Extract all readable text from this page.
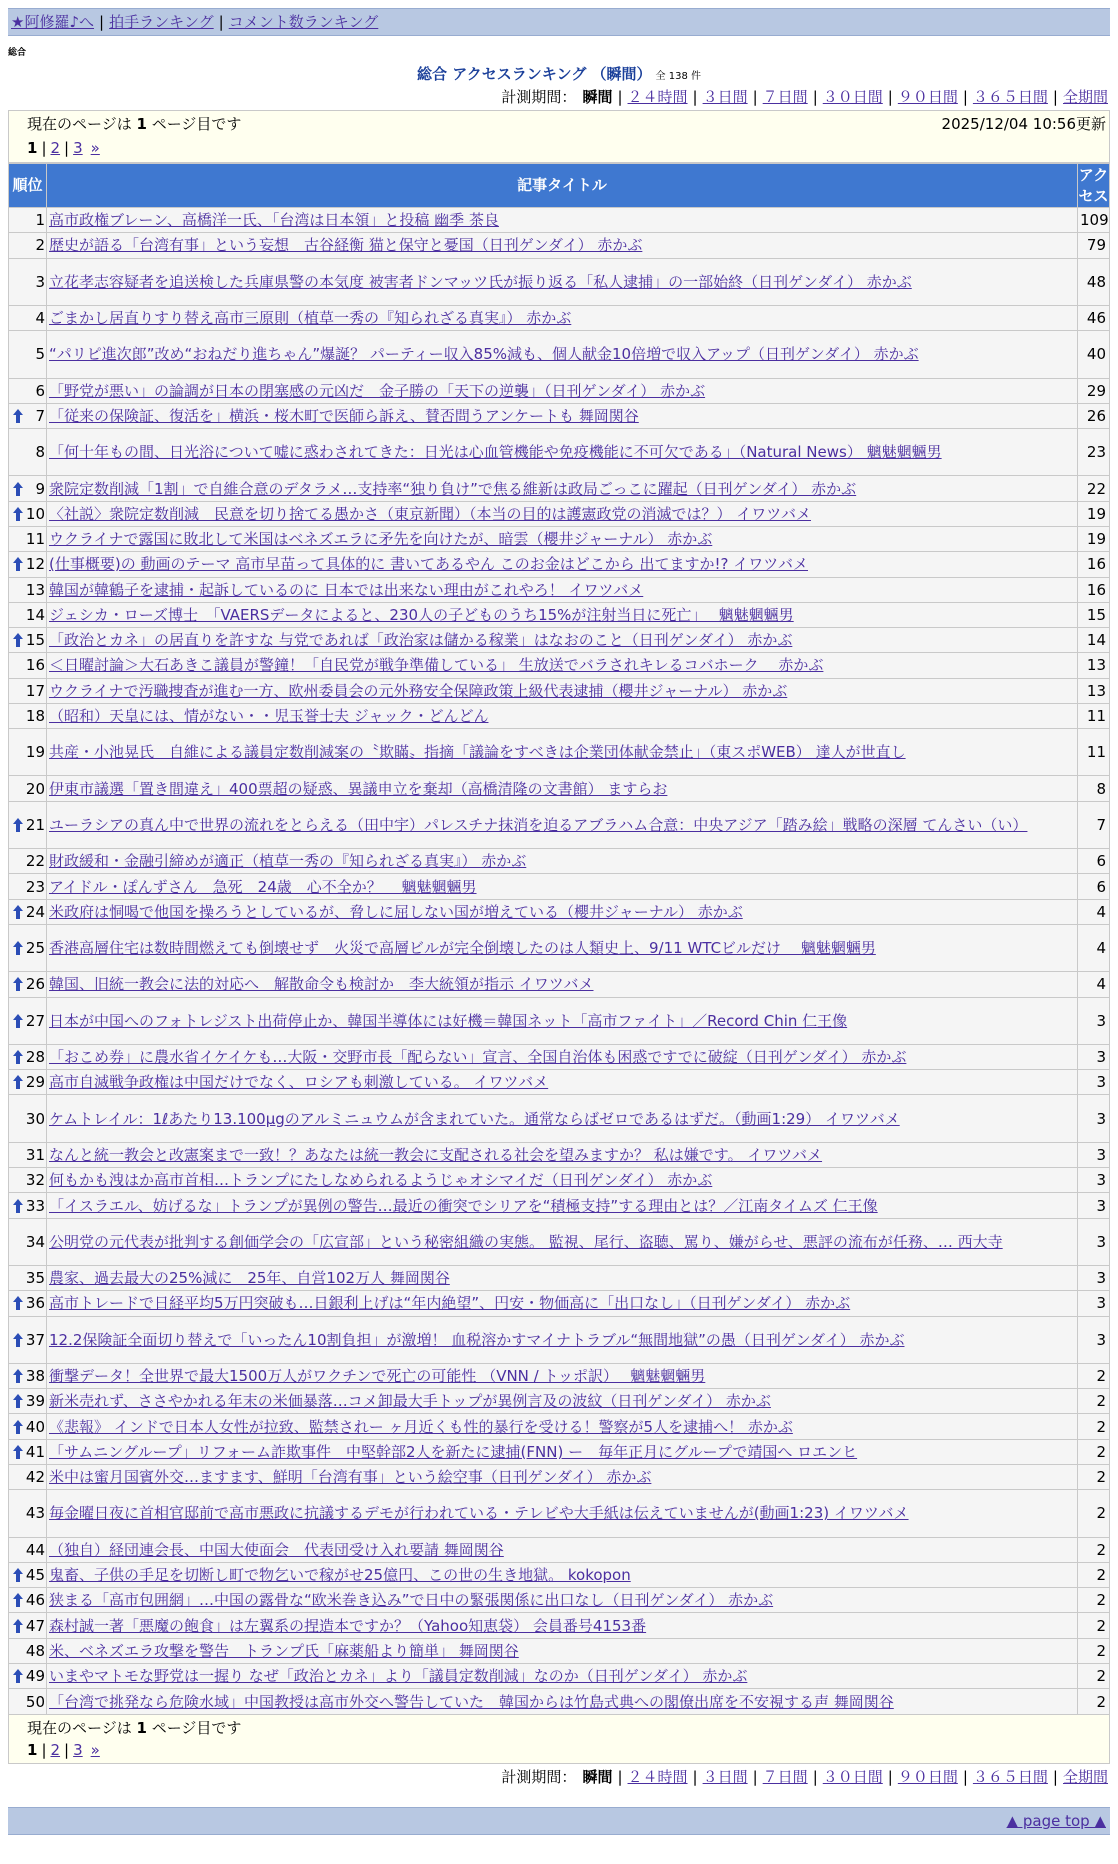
★阿修羅♪へ | 拍手ランキング | コメント数ランキング
総合
総合 アクセスランキング （瞬間） 全 138 件
計測期間： 瞬間 | ２４時間 | ３日間 | ７日間 | ３０日間 | ９０日間 | ３６５日間 | 全期間
現在のページは 1 ページ目です	2025/12/04 10:56更新
1 | 2 | 3 »
順位	記事タイトル	アクセス
1	高市政権ブレーン、高橋洋一氏、「台湾は日本領」と投稿 幽季 茶良	109
2	歴史が語る「台湾有事」という妄想　古谷経衡 猫と保守と憂国（日刊ゲンダイ） 赤かぶ	79
3	立花孝志容疑者を追送検した兵庫県警の本気度 被害者ドンマッツ氏が振り返る「私人逮捕」の一部始終（日刊ゲンダイ） 赤かぶ	48
4	ごまかし居直りすり替え高市三原則（植草一秀の『知られざる真実』） 赤かぶ	46
5	“パリピ進次郎”改め“おねだり進ちゃん”爆誕？ パーティー収入85%減も、個人献金10倍増で収入アップ（日刊ゲンダイ） 赤かぶ	40
6	「野党が悪い」の論調が日本の閉塞感の元凶だ　金子勝の「天下の逆襲」（日刊ゲンダイ） 赤かぶ	29

7	「従来の保険証、復活を」横浜・桜木町で医師ら訴え、賛否問うアンケートも 舞岡関谷	26
8	「何十年もの間、日光浴について嘘に惑わされてきた：日光は心血管機能や免疫機能に不可欠である」（Natural News） 魑魅魍魎男	23

9	衆院定数削減「1割」で自維合意のデタラメ…支持率“独り負け”で焦る維新は政局ごっこに躍起（日刊ゲンダイ） 赤かぶ	22

10	〈社説〉衆院定数削減　民意を切り捨てる愚かさ（東京新聞）（本当の目的は護憲政党の消滅では？） イワツバメ	19
11	ウクライナで露国に敗北して米国はベネズエラに矛先を向けたが、暗雲（櫻井ジャーナル） 赤かぶ	19

12	(仕事概要)の 動画のテーマ 高市早苗って具体的に 書いてあるやん このお金はどこから 出てますか!? イワツバメ	16
13	韓国が韓鶴子を逮捕・起訴しているのに 日本では出来ない理由がこれやろ！ イワツバメ	16
14	ジェシカ・ローズ博士　「VAERSデータによると、230人の子どものうち15%が注射当日に死亡」　 魑魅魍魎男	15

15	「政治とカネ」の居直りを許すな 与党であれば「政治家は儲かる稼業」はなおのこと（日刊ゲンダイ） 赤かぶ	14
16	＜日曜討論＞大石あきこ議員が警鐘！「自民党が戦争準備している」 生放送でバラされキレるコバホーク　 赤かぶ	13
17	ウクライナで汚職捜査が進む一方、欧州委員会の元外務安全保障政策上級代表逮捕（櫻井ジャーナル） 赤かぶ	13
18	（昭和）天皇には、情がない・・児玉誉士夫 ジャック・どんどん	11
19	共産・小池晃氏　自維による議員定数削減案の〝欺瞞〟指摘「議論をすべきは企業団体献金禁止」（東スポWEB） 達人が世直し	11
20	伊東市議選「置き間違え」400票超の疑惑、異議申立を棄却（高橋清隆の文書館） ますらお	8

21	ユーラシアの真ん中で世界の流れをとらえる（田中宇）パレスチナ抹消を迫るアブラハム合意：中央アジア「踏み絵」戦略の深層 てんさい（い）	7
22	財政緩和・金融引締めが適正（植草一秀の『知られざる真実』） 赤かぶ	6
23	アイドル・ぽんずさん　急死　24歳　心不全か？　 魑魅魍魎男	6

24	米政府は恫喝で他国を操ろうとしているが、脅しに屈しない国が増えている（櫻井ジャーナル） 赤かぶ	4

25	香港高層住宅は数時間燃えても倒壊せず　火災で高層ビルが完全倒壊したのは人類史上、9/11 WTCビルだけ　 魑魅魍魎男	4

26	韓国、旧統一教会に法的対応へ　解散命令も検討か　李大統領が指示 イワツバメ	4

27	日本が中国へのフォトレジスト出荷停止か、韓国半導体には好機＝韓国ネット「高市ファイト」／Record Chin 仁王像	3

28	「おこめ券」に農水省イケイケも…大阪・交野市長「配らない」宣言、全国自治体も困惑ですでに破綻（日刊ゲンダイ） 赤かぶ	3

29	高市自滅戦争政権は中国だけでなく、ロシアも刺激している。 イワツバメ	3
30	ケムトレイル：1ℓあたり13.100μgのアルミニュウムが含まれていた。通常ならばゼロであるはずだ。（動画1:29） イワツバメ	3
31	なんと統一教会と改憲案まで一致！？あなたは統一教会に支配される社会を望みますか？ 私は嫌です。 イワツバメ	3
32	何もかも洩はか高市首相…トランプにたしなめられるようじゃオシマイだ（日刊ゲンダイ） 赤かぶ	3

33	「イスラエル、妨げるな」トランプが異例の警告…最近の衝突でシリアを“積極支持”する理由とは？／江南タイムズ 仁王像	3
34	公明党の元代表が批判する創価学会の「広宣部」という秘密組織の実態。 監視、尾行、盗聴、罵り、嫌がらせ、悪評の流布が任務、… 西大寺	3
35	農家、過去最大の25%減に　25年、自営102万人 舞岡関谷	3

36	高市トレードで日経平均5万円突破も…日銀利上げは“年内絶望”、円安・物価高に「出口なし」（日刊ゲンダイ） 赤かぶ	3

37	12.2保険証全面切り替えで「いったん10割負担」が激増！ 血税溶かすマイナトラブル“無間地獄”の愚（日刊ゲンダイ） 赤かぶ	3

38	衝撃データ！全世界で最大1500万人がワクチンで死亡の可能性 （VNN / トッポ訳）　 魑魅魍魎男	2

39	新米売れず、ささやかれる年末の米価暴落…コメ卸最大手トップが異例言及の波紋（日刊ゲンダイ） 赤かぶ	2

40	《悲報》 インドで日本人女性が拉致、監禁されー ヶ月近くも性的暴行を受ける！警察が5人を逮捕へ！ 赤かぶ	2

41	「サムニングループ」リフォーム詐欺事件　中堅幹部2人を新たに逮捕(FNN) ー　毎年正月にグループで靖国へ ロエンヒ	2
42	米中は蜜月国賓外交…ますます、鮮明「台湾有事」という絵空事（日刊ゲンダイ） 赤かぶ	2
43	毎金曜日夜に首相官邸前で高市悪政に抗議するデモが行われている・テレビや大手紙は伝えていませんが(動画1:23) イワツバメ	2
44	（独自）経団連会長、中国大使面会　代表団受け入れ要請 舞岡関谷	2

45	鬼畜、子供の手足を切断し町で物乞いで稼がせ25億円、この世の生き地獄。 kokopon	2

46	狭まる「高市包囲網」…中国の露骨な“欧米巻き込み”で日中の緊張関係に出口なし（日刊ゲンダイ） 赤かぶ	2

47	森村誠一著「悪魔の飽食」は左翼系の捏造本ですか？（Yahoo知恵袋） 会員番号4153番	2
48	米、ベネズエラ攻撃を警告　トランプ氏「麻薬船より簡単」 舞岡関谷	2

49	いまやマトモな野党は一握り なぜ「政治とカネ」より「議員定数削減」なのか（日刊ゲンダイ） 赤かぶ	2
50	「台湾で挑発なら危険水域」中国教授は高市外交へ警告していた　韓国からは竹島式典への閣僚出席を不安視する声 舞岡関谷	2
現在のページは 1 ページ目です
1 | 2 | 3 »
計測期間： 瞬間 | ２４時間 | ３日間 | ７日間 | ３０日間 | ９０日間 | ３６５日間 | 全期間
▲ page top ▲
